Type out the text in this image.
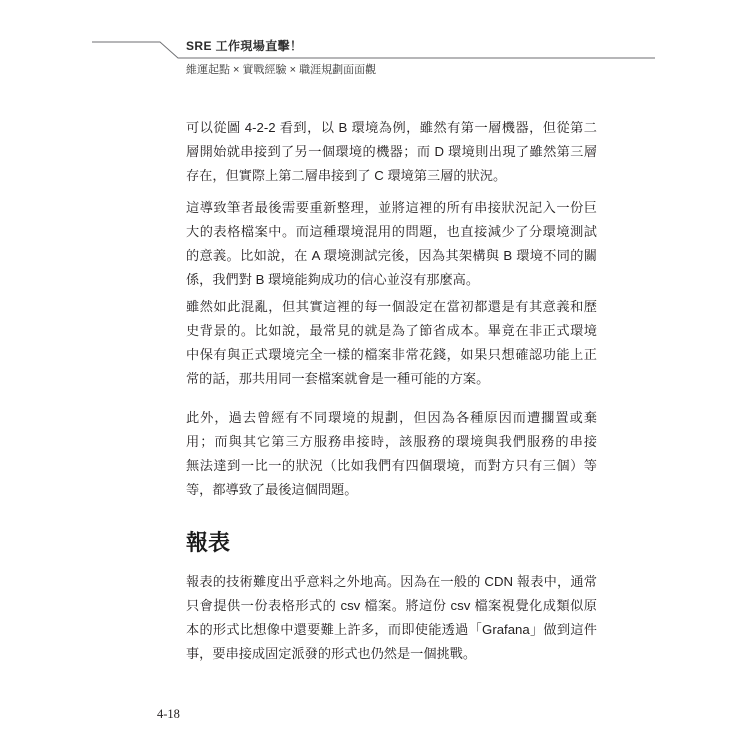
SRE 工作現場直擊！
維運起點 × 實戰經驗 × 職涯規劃面面觀
可以從圖 4-2-2 看到，以 B 環境為例，雖然有第一層機器，但從第二
層開始就串接到了另一個環境的機器；而 D 環境則出現了雖然第三層
存在，但實際上第二層串接到了 C 環境第三層的狀況。
這導致筆者最後需要重新整理，並將這裡的所有串接狀況記入一份巨
大的表格檔案中。而這種環境混用的問題，也直接減少了分環境測試
的意義。比如說，在 A 環境測試完後，因為其架構與 B 環境不同的關
係，我們對 B 環境能夠成功的信心並沒有那麼高。
雖然如此混亂，但其實這裡的每一個設定在當初都還是有其意義和歷
史背景的。比如說，最常見的就是為了節省成本。畢竟在非正式環境
中保有與正式環境完全一樣的檔案非常花錢，如果只想確認功能上正
常的話，那共用同一套檔案就會是一種可能的方案。
此外，過去曾經有不同環境的規劃，但因為各種原因而遭擱置或棄
用；而與其它第三方服務串接時，該服務的環境與我們服務的串接
無法達到一比一的狀況（比如我們有四個環境，而對方只有三個）等
等，都導致了最後這個問題。
報表
報表的技術難度出乎意料之外地高。因為在一般的 CDN 報表中，通常
只會提供一份表格形式的 csv 檔案。將這份 csv 檔案視覺化成類似原
本的形式比想像中還要難上許多，而即使能透過「Grafana」做到這件
事，要串接成固定派發的形式也仍然是一個挑戰。
4-18
